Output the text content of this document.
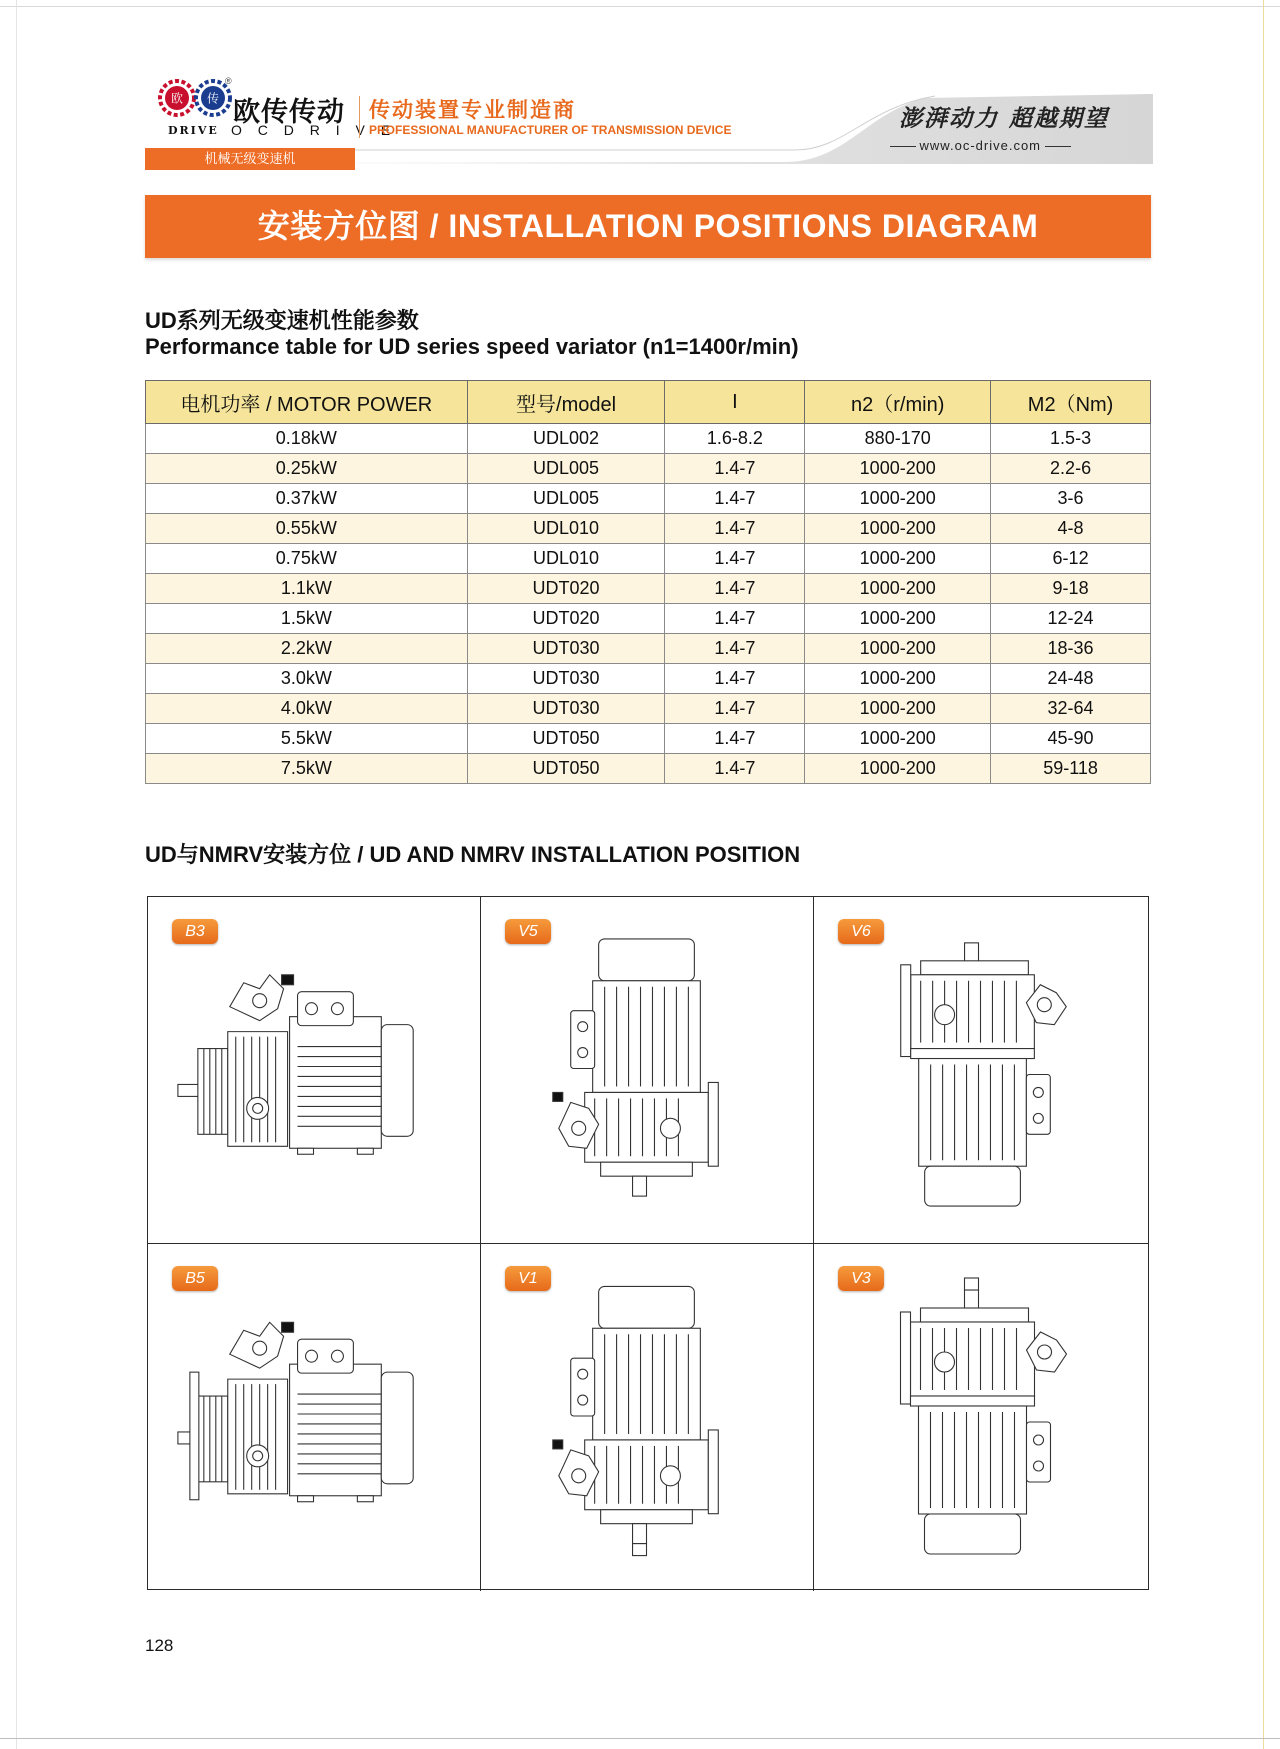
欧 传
®
欧传传动
DRIVE O C D R I V E
传动装置专业制造商
PROFESSIONAL MANUFACTURER OF TRANSMISSION DEVICE
机械无级变速机
澎湃动力 超越期望
www.oc-drive.com
安装方位图 / INSTALLATION POSITIONS DIAGRAM
UD系列无级变速机性能参数
Performance table for UD series speed variator (n1=1400r/min)
电机功率 / MOTOR POWER	型号/model	I	n2（r/min)	M2（Nm)
0.18kW	UDL002	1.6-8.2	880-170	1.5-3
0.25kW	UDL005	1.4-7	1000-200	2.2-6
0.37kW	UDL005	1.4-7	1000-200	3-6
0.55kW	UDL010	1.4-7	1000-200	4-8
0.75kW	UDL010	1.4-7	1000-200	6-12
1.1kW	UDT020	1.4-7	1000-200	9-18
1.5kW	UDT020	1.4-7	1000-200	12-24
2.2kW	UDT030	1.4-7	1000-200	18-36
3.0kW	UDT030	1.4-7	1000-200	24-48
4.0kW	UDT030	1.4-7	1000-200	32-64
5.5kW	UDT050	1.4-7	1000-200	45-90
7.5kW	UDT050	1.4-7	1000-200	59-118
UD与NMRV安装方位 / UD AND NMRV INSTALLATION POSITION
B3	V5	V6
B5	V1	V3
128
